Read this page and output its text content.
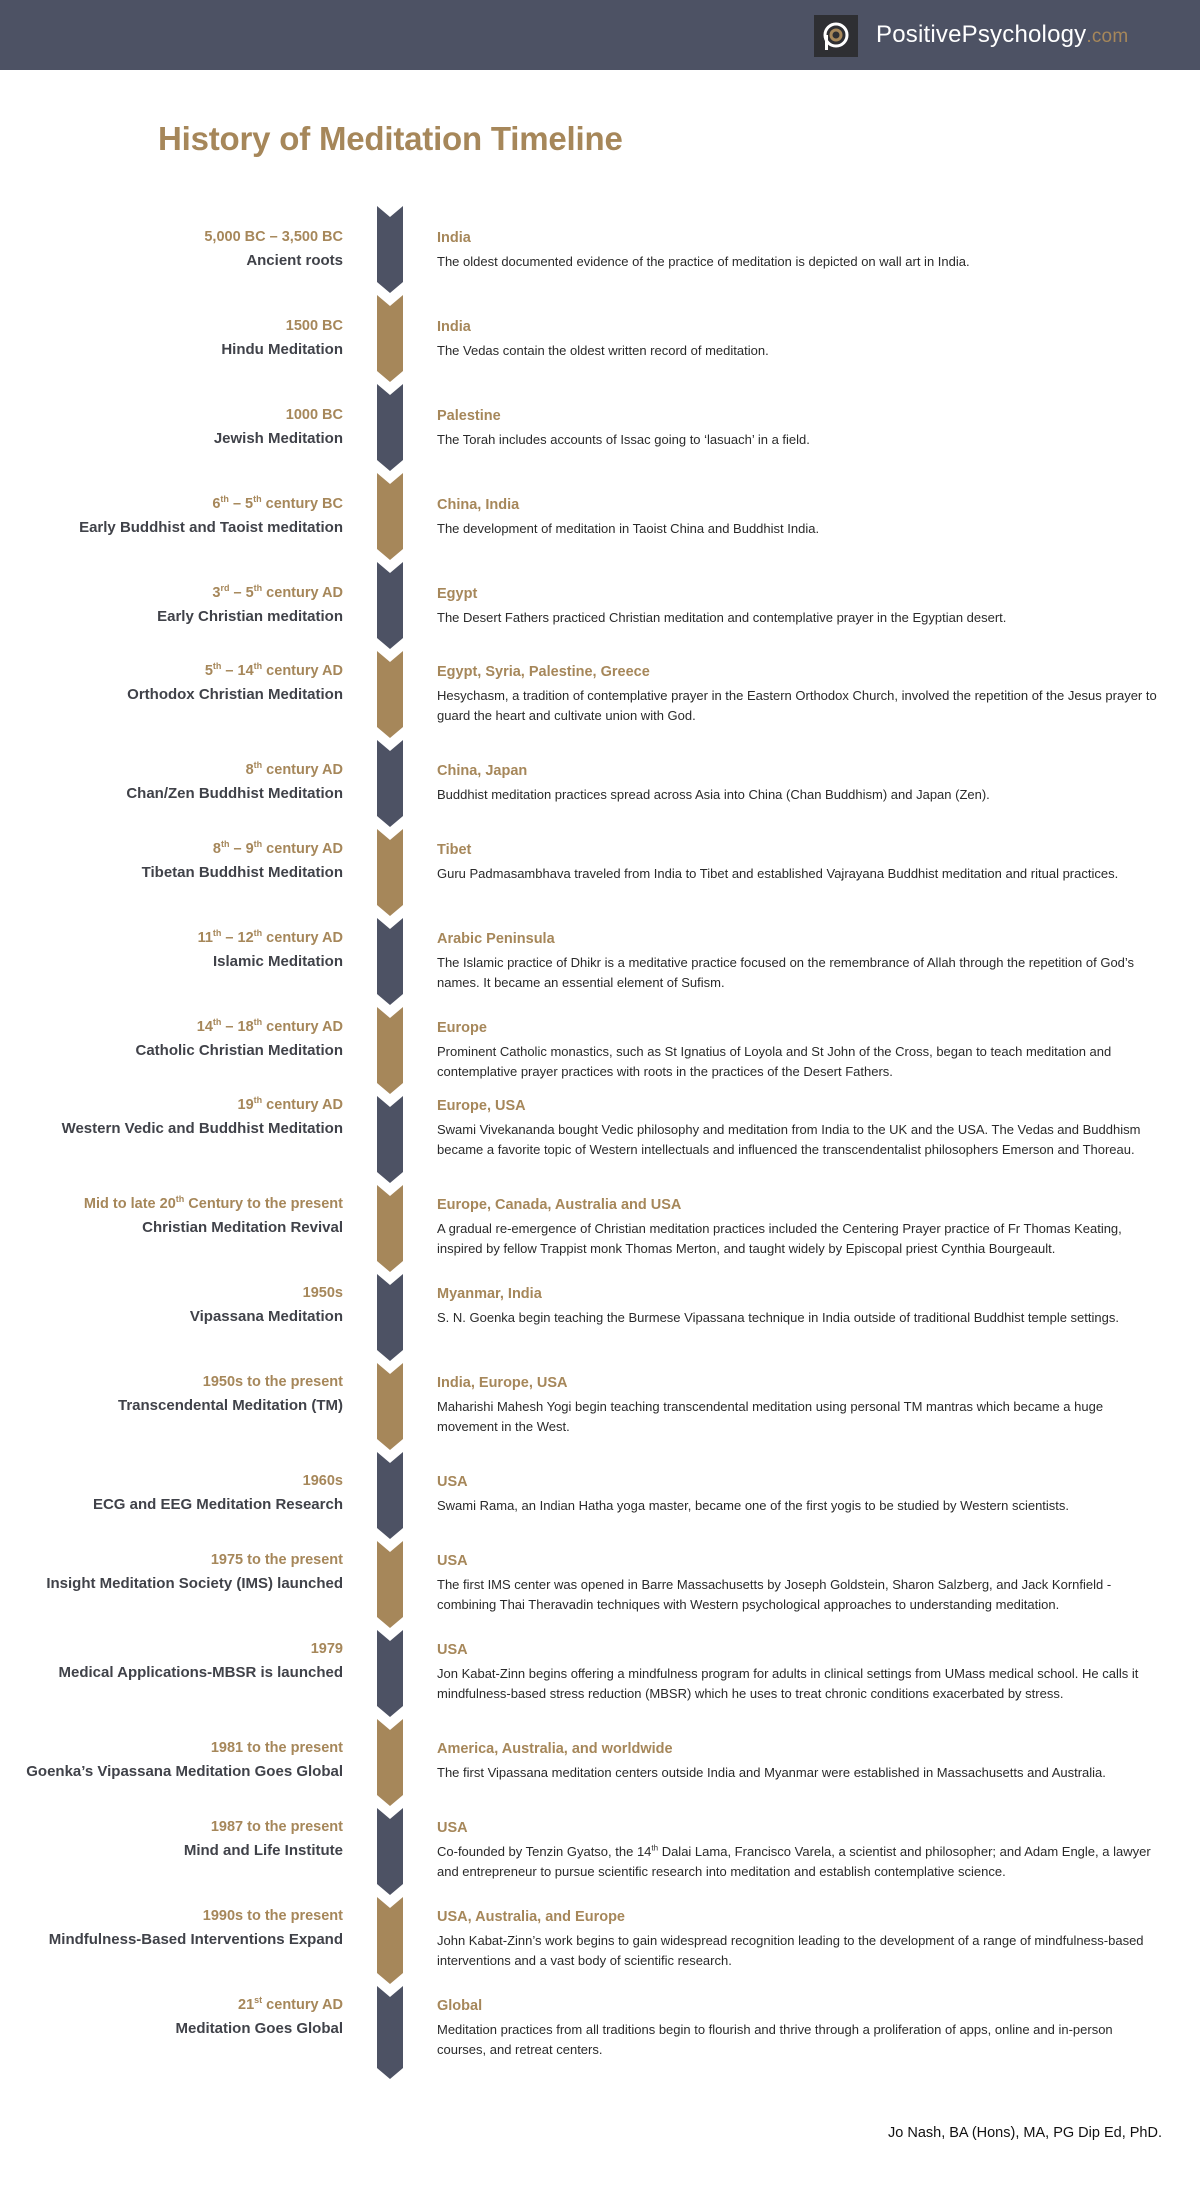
PositivePsychology.com
History of Meditation Timeline
5,000 BC – 3,500 BC
Ancient roots
India
The oldest documented evidence of the practice of meditation is depicted on wall art in India.
1500 BC
Hindu Meditation
India
The Vedas contain the oldest written record of meditation.
1000 BC
Jewish Meditation
Palestine
The Torah includes accounts of Issac going to ‘lasuach’ in a field.
6th – 5th century BC
Early Buddhist and Taoist meditation
China, India
The development of meditation in Taoist China and Buddhist India.
3rd – 5th century AD
Early Christian meditation
Egypt
The Desert Fathers practiced Christian meditation and contemplative prayer in the Egyptian desert.
5th – 14th century AD
Orthodox Christian Meditation
Egypt, Syria, Palestine, Greece
Hesychasm, a tradition of contemplative prayer in the Eastern Orthodox Church, involved the repetition of the Jesus prayer to guard the heart and cultivate union with God.
8th century AD
Chan/Zen Buddhist Meditation
China, Japan
Buddhist meditation practices spread across Asia into China (Chan Buddhism) and Japan (Zen).
8th – 9th century AD
Tibetan Buddhist Meditation
Tibet
Guru Padmasambhava traveled from India to Tibet and established Vajrayana Buddhist meditation and ritual practices.
11th – 12th century AD
Islamic Meditation
Arabic Peninsula
The Islamic practice of Dhikr is a meditative practice focused on the remembrance of Allah through the repetition of God’s names. It became an essential element of Sufism.
14th – 18th century AD
Catholic Christian Meditation
Europe
Prominent Catholic monastics, such as St Ignatius of Loyola and St John of the Cross, began to teach meditation and contemplative prayer practices with roots in the practices of the Desert Fathers.
19th century AD
Western Vedic and Buddhist Meditation
Europe, USA
Swami Vivekananda bought Vedic philosophy and meditation from India to the UK and the USA. The Vedas and Buddhism became a favorite topic of Western intellectuals and influenced the transcendentalist philosophers Emerson and Thoreau.
Mid to late 20th Century to the present
Christian Meditation Revival
Europe, Canada, Australia and USA
A gradual re-emergence of Christian meditation practices included the Centering Prayer practice of Fr Thomas Keating, inspired by fellow Trappist monk Thomas Merton, and taught widely by Episcopal priest Cynthia Bourgeault.
1950s
Vipassana Meditation
Myanmar, India
S. N. Goenka begin teaching the Burmese Vipassana technique in India outside of traditional Buddhist temple settings.
1950s to the present
Transcendental Meditation (TM)
India, Europe, USA
Maharishi Mahesh Yogi begin teaching transcendental meditation using personal TM mantras which became a huge movement in the West.
1960s
ECG and EEG Meditation Research
USA
Swami Rama, an Indian Hatha yoga master, became one of the first yogis to be studied by Western scientists.
1975 to the present
Insight Meditation Society (IMS) launched
USA
The first IMS center was opened in Barre Massachusetts by Joseph Goldstein, Sharon Salzberg, and Jack Kornfield - combining Thai Theravadin techniques with Western psychological approaches to understanding meditation.
1979
Medical Applications-MBSR is launched
USA
Jon Kabat-Zinn begins offering a mindfulness program for adults in clinical settings from UMass medical school. He calls it mindfulness-based stress reduction (MBSR) which he uses to treat chronic conditions exacerbated by stress.
1981 to the present
Goenka’s Vipassana Meditation Goes Global
America, Australia, and worldwide
The first Vipassana meditation centers outside India and Myanmar were established in Massachusetts and Australia.
1987 to the present
Mind and Life Institute
USA
Co-founded by Tenzin Gyatso, the 14th Dalai Lama, Francisco Varela, a scientist and philosopher; and Adam Engle, a lawyer and entrepreneur to pursue scientific research into meditation and establish contemplative science.
1990s to the present
Mindfulness-Based Interventions Expand
USA, Australia, and Europe
John Kabat-Zinn’s work begins to gain widespread recognition leading to the development of a range of mindfulness-based interventions and a vast body of scientific research.
21st century AD
Meditation Goes Global
Global
Meditation practices from all traditions begin to flourish and thrive through a proliferation of apps, online and in-person courses, and retreat centers.
Jo Nash, BA (Hons), MA, PG Dip Ed, PhD.
